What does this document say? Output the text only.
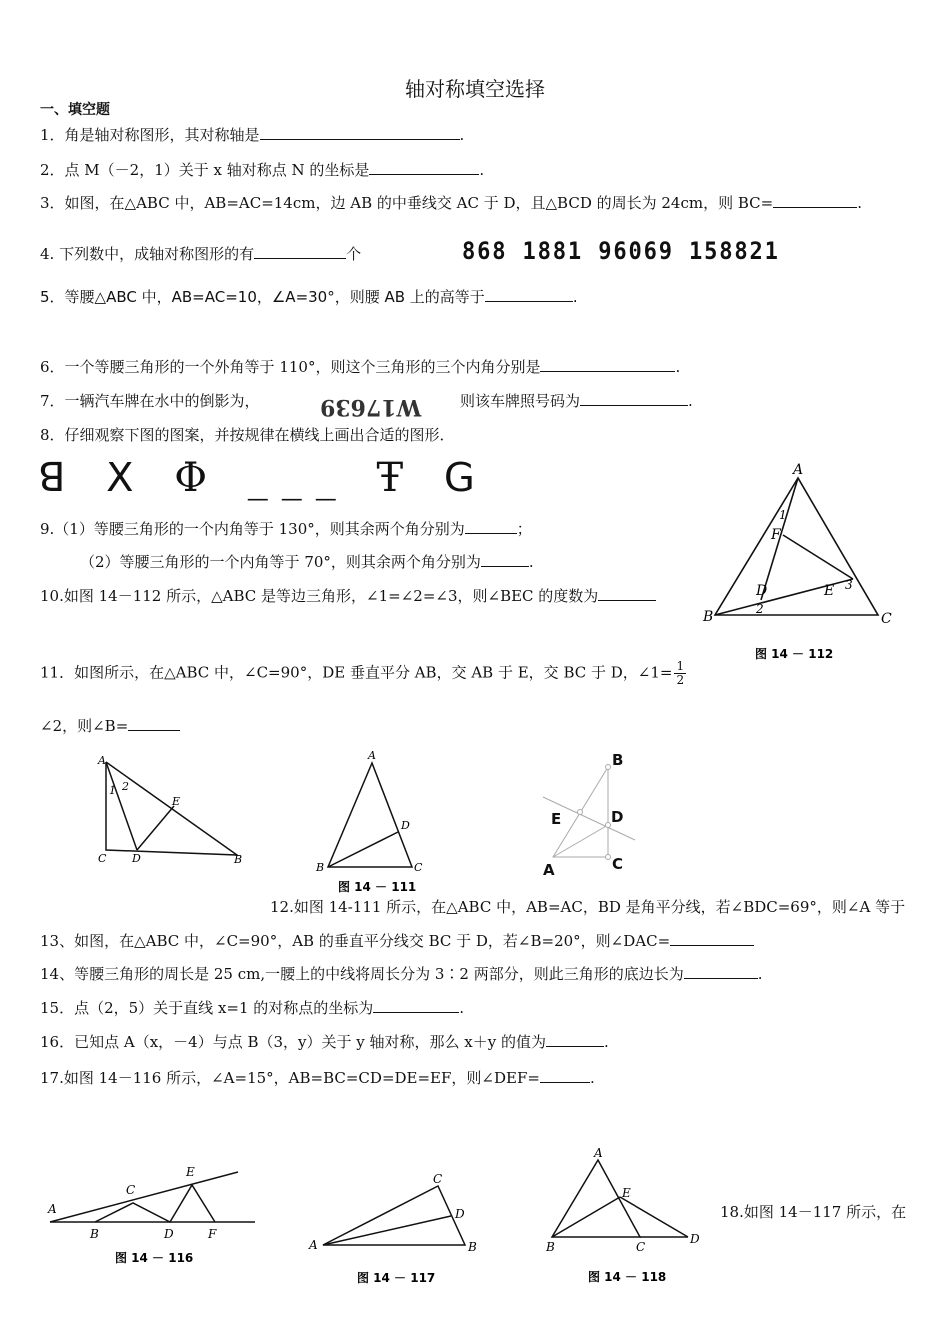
轴对称填空选择
一、填空题
1．角是轴对称图形，其对称轴是	.
2．点 M（－2，1）关于 x 轴对称点 N 的坐标是	.
3．如图，在△ABC 中，AB=AC=14cm，边 AB 的中垂线交 AC 于 D，且△BCD 的周长为 24cm，则 BC=	.
4. 下列数中，成轴对称图形的有	个	868 1881 96069 158821
5．等腰△ABC 中，AB=AC=10，∠A=30°，则腰 AB 上的高等于	.
6．一个等腰三角形的一个外角等于 110°，则这个三角形的三个内角分别是	.
7．一辆汽车牌在水中的倒影为，	W17639	则该车牌照号码为	.
8．仔细观察下图的图案，并按规律在横线上画出合适的图形．
ꓭ ꓫ Φ ___ Ŧ ꓖ
9.（1）等腰三角形的一个内角等于 130°，则其余两个角分别为	；
（2）等腰三角形的一个内角等于 70°，则其余两个角分别为	.
10.如图 14－112 所示，△ABC 是等边三角形，∠1=∠2=∠3，则∠BEC 的度数为
11．如图所示，在△ABC 中，∠C=90°，DE 垂直平分 AB，交 AB 于 E，交 BC 于 D，∠1= $\frac{1}{2}$
∠2，则∠B=
12.如图 14-111 所示，在△ABC 中，AB=AC，BD 是角平分线，若∠BDC=69°，则∠A 等于
13、如图，在△ABC 中，∠C=90°，AB 的垂直平分线交 BC 于 D，若∠B=20°，则∠DAC=
14、等腰三角形的周长是 25 cm,一腰上的中线将周长分为 3∶2 两部分，则此三角形的底边长为	.
15．点（2，5）关于直线 x=1 的对称点的坐标为	.
16．已知点 A（x，－4）与点 B（3，y）关于 y 轴对称，那么 x＋y 的值为	.
17.如图 14－116 所示，∠A=15°，AB=BC=CD=DE=EF，则∠DEF=	.
18.如图 14－117 所示，在
A
B	C
D	E
F
1
2
3
图 14 － 112
A
C D
E
B
1 2
A
B	C
D
图 14 － 111
B
E	D
C
A
A
B
C
D
E
F
图 14 － 116
A
C
D
B
图 14 － 117
A
B	C
D
E
图 14 － 118
